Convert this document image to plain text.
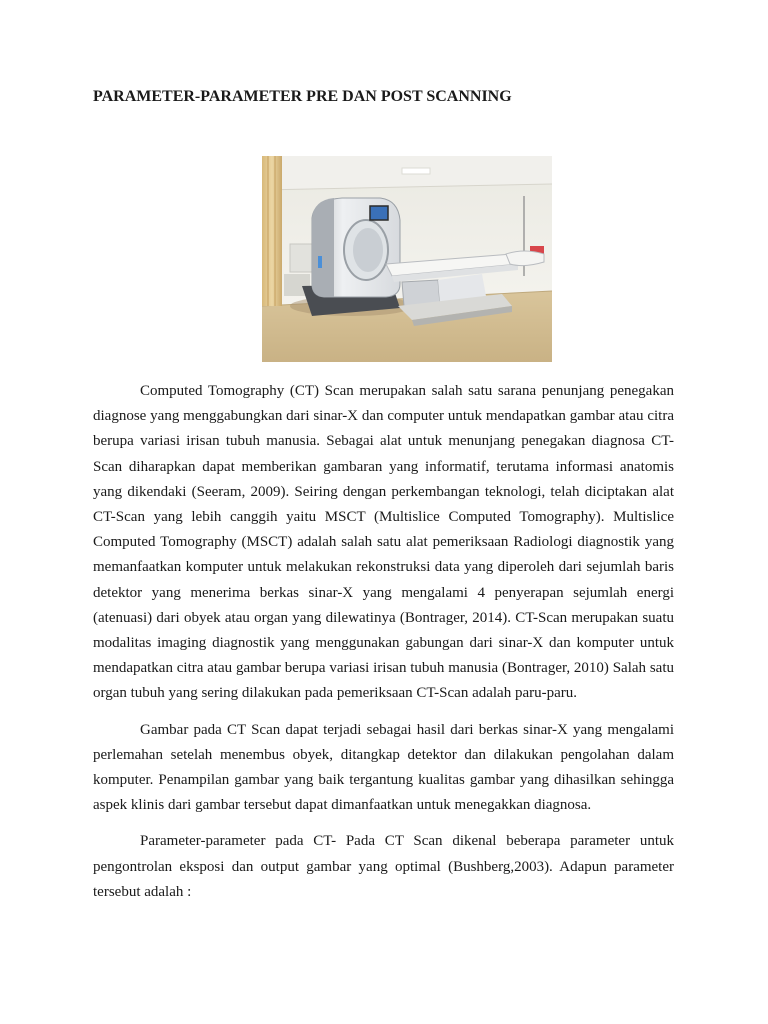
PARAMETER-PARAMETER PRE DAN POST SCANNING

Computed Tomography (CT) Scan merupakan salah satu sarana penunjang penegakan diagnose yang menggabungkan dari sinar-X dan computer untuk mendapatkan gambar atau citra berupa variasi irisan tubuh manusia. Sebagai alat untuk menunjang penegakan diagnosa CT-Scan diharapkan dapat memberikan gambaran yang informatif, terutama informasi anatomis yang dikendaki (Seeram, 2009). Seiring dengan perkembangan teknologi, telah diciptakan alat CT-Scan yang lebih canggih yaitu MSCT (Multislice Computed Tomography). Multislice Computed Tomography (MSCT) adalah salah satu alat pemeriksaan Radiologi diagnostik yang memanfaatkan komputer untuk melakukan rekonstruksi data yang diperoleh dari sejumlah baris detektor yang menerima berkas sinar-X yang mengalami 4 penyerapan sejumlah energi (atenuasi) dari obyek atau organ yang dilewatinya (Bontrager, 2014). CT-Scan merupakan suatu modalitas imaging diagnostik yang menggunakan gabungan dari sinar-X dan komputer untuk mendapatkan citra atau gambar berupa variasi irisan tubuh manusia (Bontrager, 2010) Salah satu organ tubuh yang sering dilakukan pada pemeriksaan CT-Scan adalah paru-paru.

Gambar pada CT Scan dapat terjadi sebagai hasil dari berkas sinar-X yang mengalami perlemahan setelah menembus obyek, ditangkap detektor dan dilakukan pengolahan dalam komputer. Penampilan gambar yang baik tergantung kualitas gambar yang dihasilkan sehingga aspek klinis dari gambar tersebut dapat dimanfaatkan untuk menegakkan diagnosa.

Parameter-parameter pada CT- Pada CT Scan dikenal beberapa parameter untuk pengontrolan eksposi dan output gambar yang optimal (Bushberg,2003). Adapun parameter tersebut adalah :
